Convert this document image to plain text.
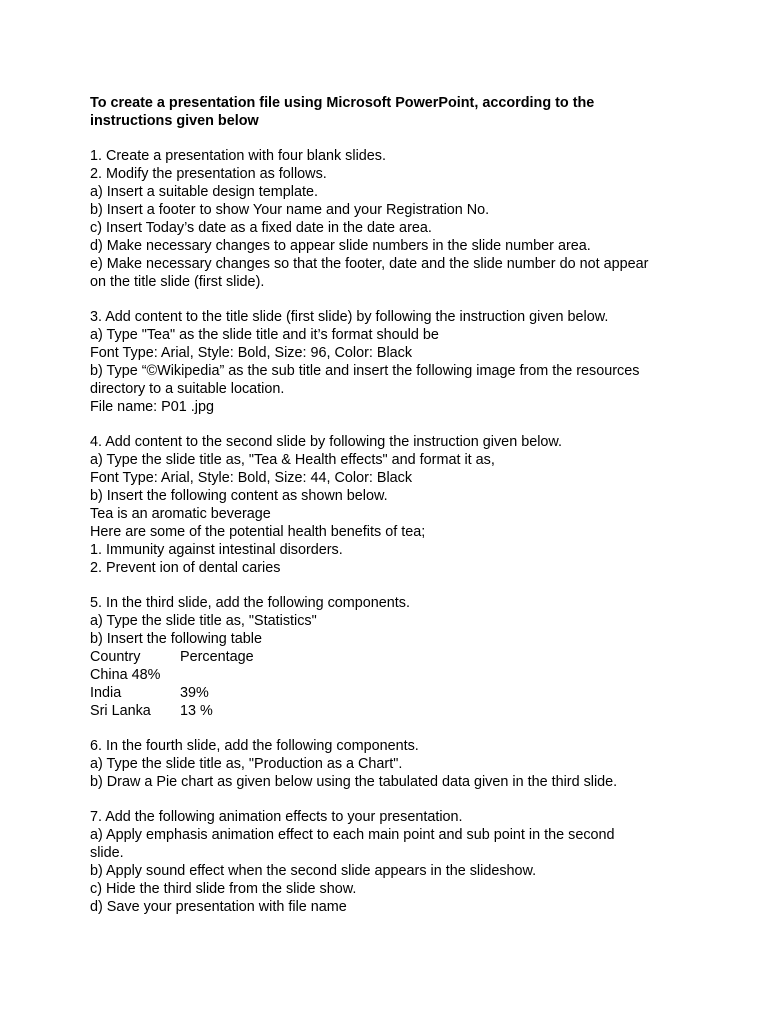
To create a presentation file using Microsoft PowerPoint, according to the
instructions given below
1. Create a presentation with four blank slides.
2. Modify the presentation as follows.
a) Insert a suitable design template.
b) Insert a footer to show Your name and your Registration No.
c) Insert Today’s date as a fixed date in the date area.
d) Make necessary changes to appear slide numbers in the slide number area.
e) Make necessary changes so that the footer, date and the slide number do not appear
on the title slide (first slide).
3. Add content to the title slide (first slide) by following the instruction given below.
a) Type "Tea" as the slide title and it’s format should be
Font Type: Arial, Style: Bold, Size: 96, Color: Black
b) Type “©Wikipedia” as the sub title and insert the following image from the resources
directory to a suitable location.
File name: P01 .jpg
4. Add content to the second slide by following the instruction given below.
a) Type the slide title as, "Tea & Health effects" and format it as,
Font Type: Arial, Style: Bold, Size: 44, Color: Black
b) Insert the following content as shown below.
Tea is an aromatic beverage
Here are some of the potential health benefits of tea;
1. Immunity against intestinal disorders.
2. Prevent ion of dental caries
5. In the third slide, add the following components.
a) Type the slide title as, "Statistics"
b) Insert the following table
Country	Percentage
China 48%
India	39%
Sri Lanka	13 %
6. In the fourth slide, add the following components.
a) Type the slide title as, "Production as a Chart".
b) Draw a Pie chart as given below using the tabulated data given in the third slide.
7. Add the following animation effects to your presentation.
a) Apply emphasis animation effect to each main point and sub point in the second
slide.
b) Apply sound effect when the second slide appears in the slideshow.
c) Hide the third slide from the slide show.
d) Save your presentation with file name
